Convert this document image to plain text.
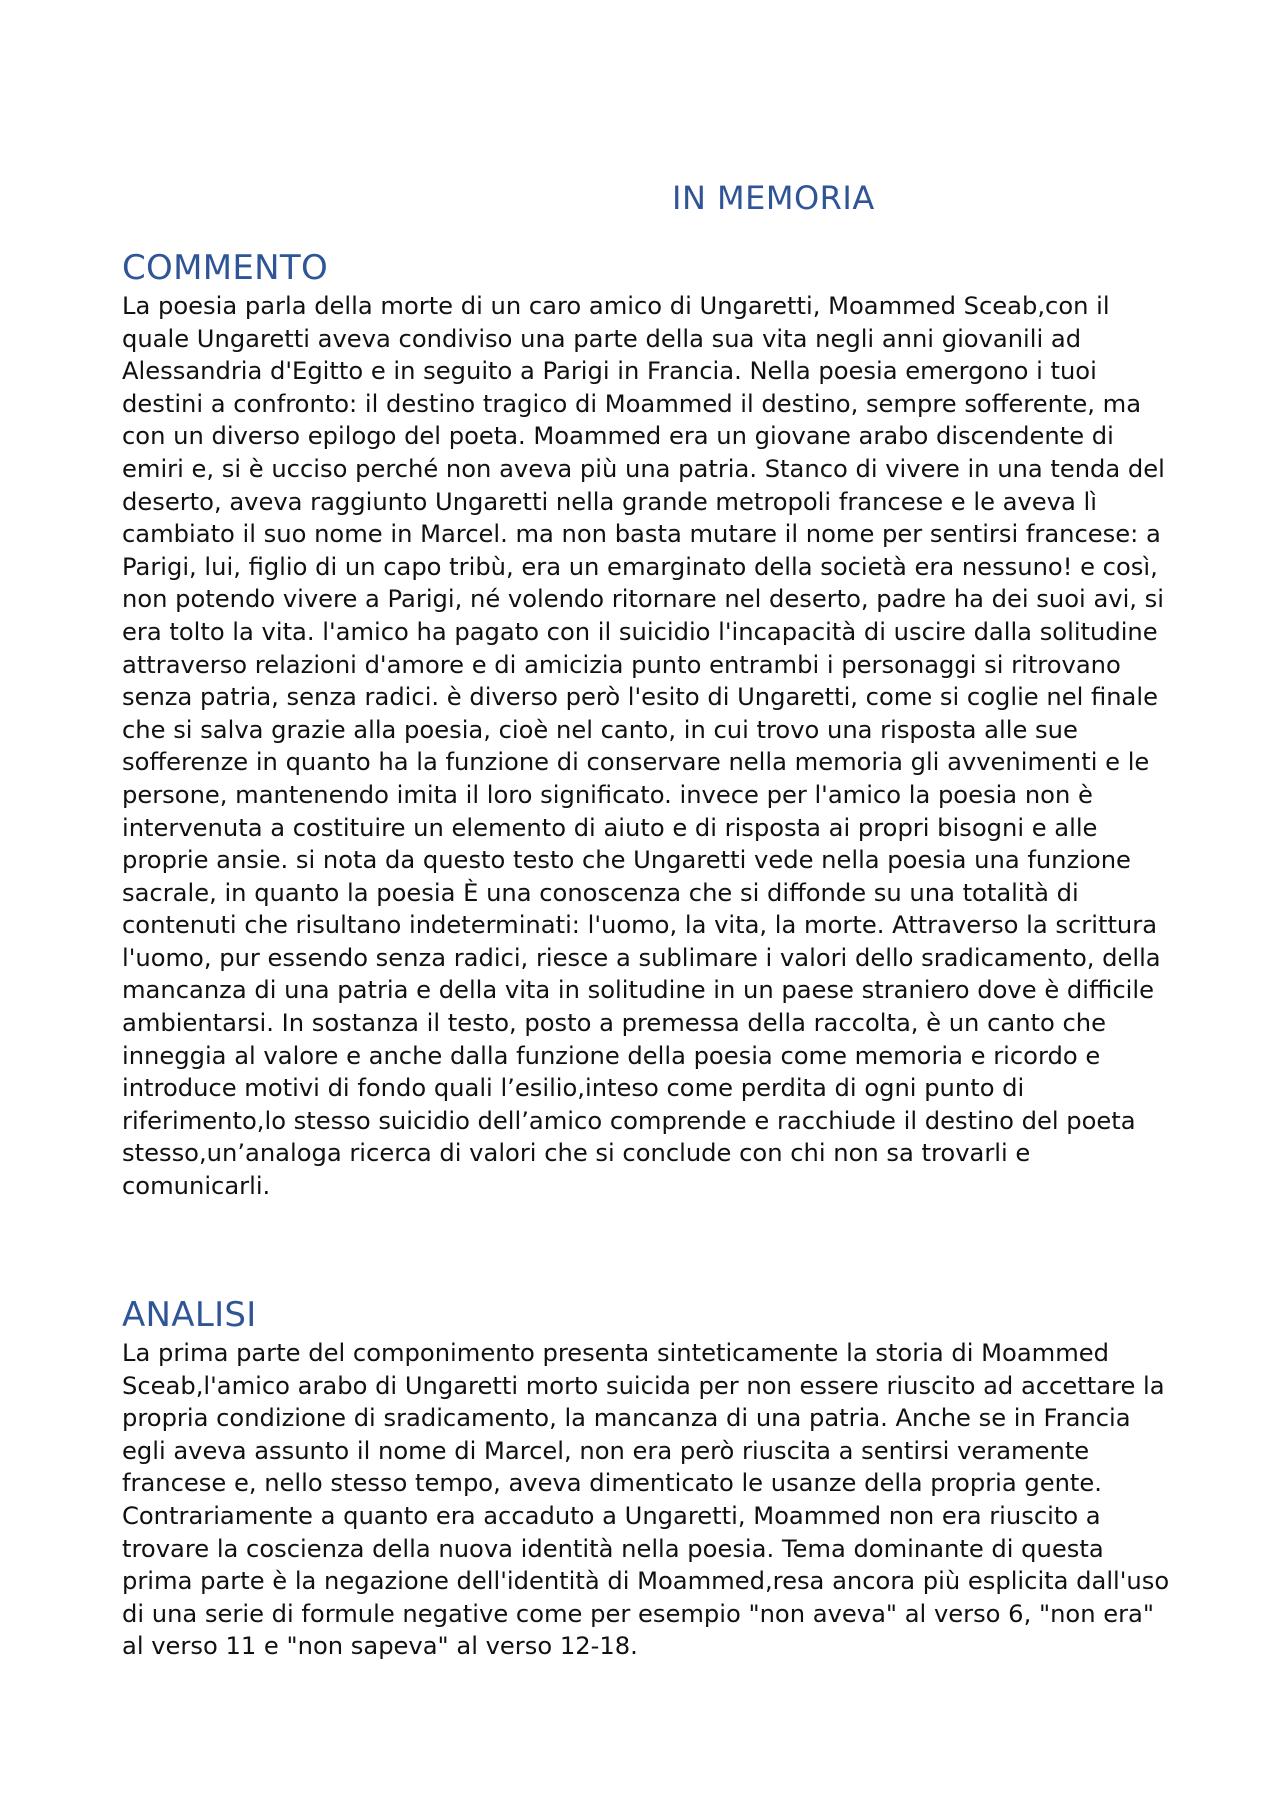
IN MEMORIA
COMMENTO

La poesia parla della morte di un caro amico di Ungaretti, Moammed Sceab,con il quale Ungaretti aveva condiviso una parte della sua vita negli anni giovanili ad Alessandria d'Egitto e in seguito a Parigi in Francia. Nella poesia emergono i tuoi destini a confronto: il destino tragico di Moammed il destino, sempre sofferente, ma con un diverso epilogo del poeta. Moammed era un giovane arabo discendente di emiri e, si è ucciso perché non aveva più una patria. Stanco di vivere in una tenda del deserto, aveva raggiunto Ungaretti nella grande metropoli francese e le aveva lì cambiato il suo nome in Marcel. ma non basta mutare il nome per sentirsi francese: a Parigi, lui, figlio di un capo tribù, era un emarginato della società era nessuno! e così, non potendo vivere a Parigi, né volendo ritornare nel deserto, padre ha dei suoi avi, si era tolto la vita. l'amico ha pagato con il suicidio l'incapacità di uscire dalla solitudine attraverso relazioni d'amore e di amicizia punto entrambi i personaggi si ritrovano senza patria, senza radici. è diverso però l'esito di Ungaretti, come si coglie nel finale che si salva grazie alla poesia, cioè nel canto, in cui trovo una risposta alle sue sofferenze in quanto ha la funzione di conservare nella memoria gli avvenimenti e le persone, mantenendo imita il loro significato. invece per l'amico la poesia non è intervenuta a costituire un elemento di aiuto e di risposta ai propri bisogni e alle proprie ansie. si nota da questo testo che Ungaretti vede nella poesia una funzione sacrale, in quanto la poesia È una conoscenza che si diffonde su una totalità di contenuti che risultano indeterminati: l'uomo, la vita, la morte. Attraverso la scrittura l'uomo, pur essendo senza radici, riesce a sublimare i valori dello sradicamento, della mancanza di una patria e della vita in solitudine in un paese straniero dove è difficile ambientarsi. In sostanza il testo, posto a premessa della raccolta, è un canto che inneggia al valore e anche dalla funzione della poesia come memoria e ricordo e introduce motivi di fondo quali l’esilio,inteso come perdita di ogni punto di riferimento,lo stesso suicidio dell’amico comprende e racchiude il destino del poeta stesso,un’analoga ricerca di valori che si conclude con chi non sa trovarli e comunicarli.

ANALISI

La prima parte del componimento presenta sinteticamente la storia di Moammed Sceab,l'amico arabo di Ungaretti morto suicida per non essere riuscito ad accettare la propria condizione di sradicamento, la mancanza di una patria. Anche se in Francia egli aveva assunto il nome di Marcel, non era però riuscita a sentirsi veramente francese e, nello stesso tempo, aveva dimenticato le usanze della propria gente. Contrariamente a quanto era accaduto a Ungaretti, Moammed non era riuscito a trovare la coscienza della nuova identità nella poesia. Tema dominante di questa prima parte è la negazione dell'identità di Moammed,resa ancora più esplicita dall'uso di una serie di formule negative come per esempio "non aveva" al verso 6, "non era" al verso 11 e "non sapeva" al verso 12-18.
